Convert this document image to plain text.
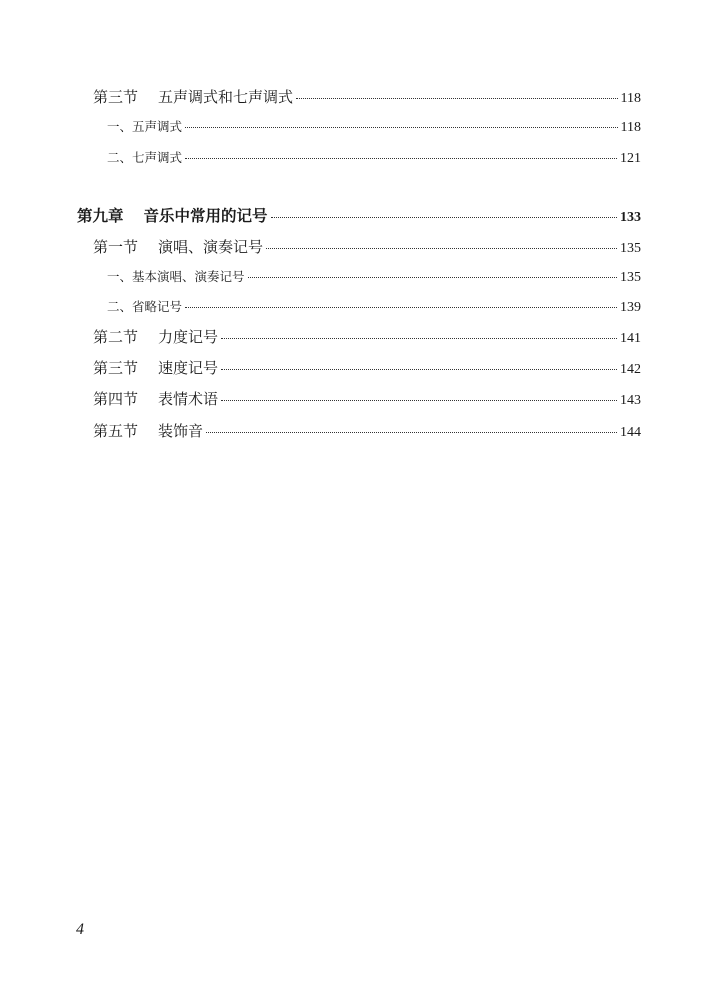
第三节 五声调式和七声调式	118
一、五声调式	118
二、七声调式	121
第九章 音乐中常用的记号	133
第一节 演唱、演奏记号	135
一、基本演唱、演奏记号	135
二、省略记号	139
第二节 力度记号	141
第三节 速度记号	142
第四节 表情术语	143
第五节 装饰音	144
4
